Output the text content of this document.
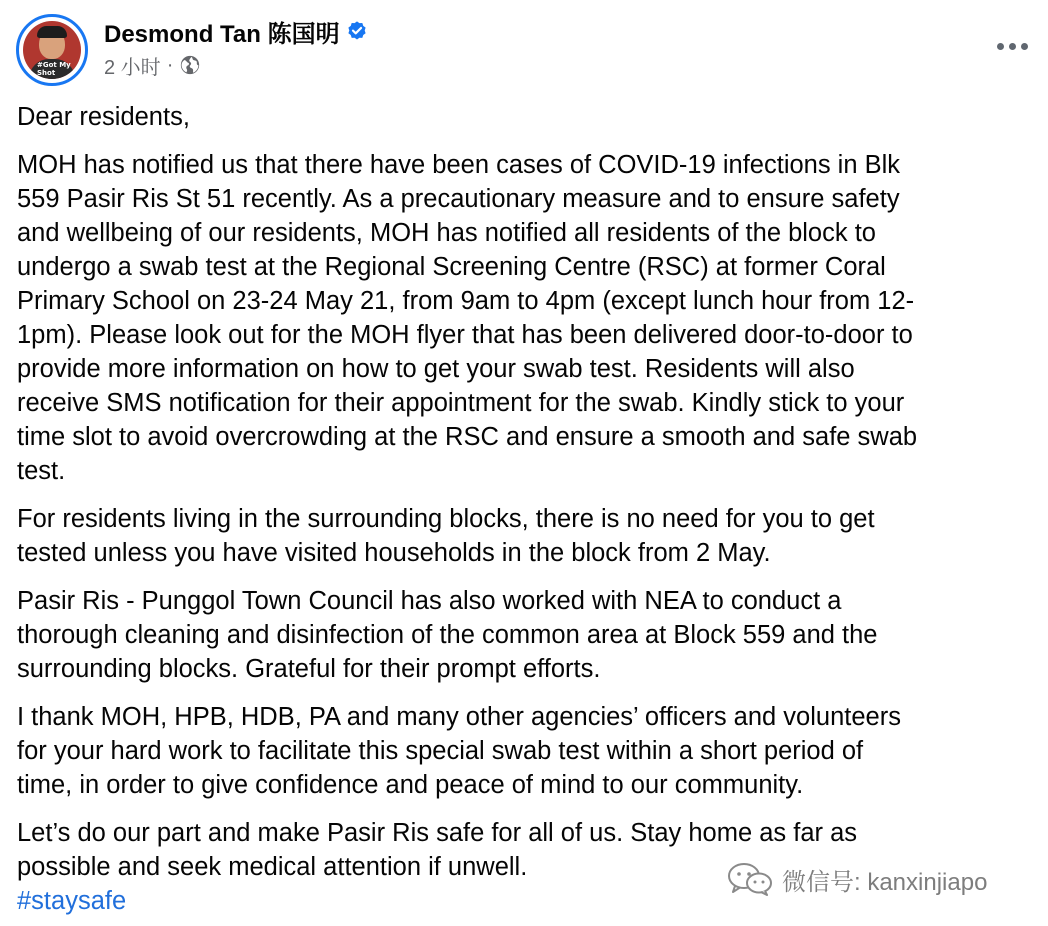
#Got My Shot
Desmond Tan 陈国明
2 小时 ·

Dear residents,

MOH has notified us that there have been cases of COVID-19 infections in Blk
559 Pasir Ris St 51 recently. As a precautionary measure and to ensure safety
and wellbeing of our residents, MOH has notified all residents of the block to
undergo a swab test at the Regional Screening Centre (RSC) at former Coral
Primary School on 23-24 May 21, from 9am to 4pm (except lunch hour from 12-
1pm). Please look out for the MOH flyer that has been delivered door-to-door to
provide more information on how to get your swab test. Residents will also
receive SMS notification for their appointment for the swab. Kindly stick to your
time slot to avoid overcrowding at the RSC and ensure a smooth and safe swab
test.

For residents living in the surrounding blocks, there is no need for you to get
tested unless you have visited households in the block from 2 May.

Pasir Ris - Punggol Town Council has also worked with NEA to conduct a
thorough cleaning and disinfection of the common area at Block 559 and the
surrounding blocks. Grateful for their prompt efforts.

I thank MOH, HPB, HDB, PA and many other agencies’ officers and volunteers
for your hard work to facilitate this special swab test within a short period of
time, in order to give confidence and peace of mind to our community.

Let’s do our part and make Pasir Ris safe for all of us. Stay home as far as
possible and seek medical attention if unwell.

#staysafe
微信号: kanxinjiapo
